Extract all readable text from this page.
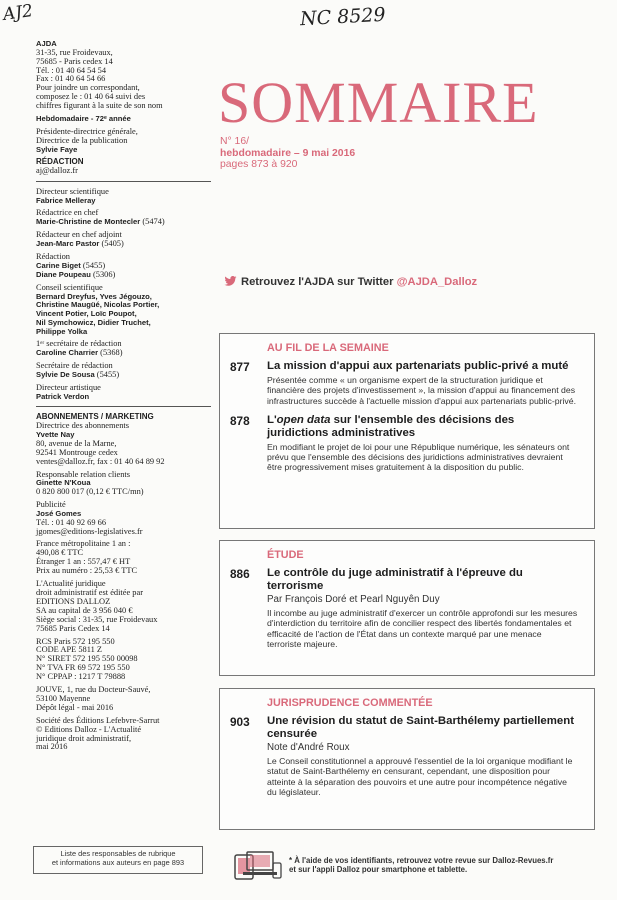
AJ2	NC 8529
AJDA
31-35, rue Froidevaux,
75685 - Paris cedex 14
Tél. : 01 40 64 54 54
Fax : 01 40 64 54 66
Pour joindre un correspondant,
composez le : 01 40 64 suivi des
chiffres figurant à la suite de son nom
Hebdomadaire - 72ᵉ année
Présidente-directrice générale,
Directrice de la publication
Sylvie Faye
RÉDACTION
aj@dalloz.fr
Directeur scientifique
Fabrice Melleray
Rédactrice en chef
Marie-Christine de Montecler (5474)
Rédacteur en chef adjoint
Jean-Marc Pastor (5405)
Rédaction
Carine Biget (5455)
Diane Poupeau (5306)
Conseil scientifique
Bernard Dreyfus, Yves Jégouzo,
Christine Maugüé, Nicolas Portier,
Vincent Potier, Loïc Poupot,
Nil Symchowicz, Didier Truchet,
Philippe Yolka
1ᵉʳ secrétaire de rédaction
Caroline Charrier (5368)
Secrétaire de rédaction
Sylvie De Sousa (5455)
Directeur artistique
Patrick Verdon
ABONNEMENTS / MARKETING
Directrice des abonnements
Yvette Nay
80, avenue de la Marne,
92541 Montrouge cedex
ventes@dalloz.fr, fax : 01 40 64 89 92
Responsable relation clients
Ginette N'Koua
0 820 800 017 (0,12 € TTC/mn)
Publicité
José Gomes
Tél. : 01 40 92 69 66
jgomes@editions-legislatives.fr
France métropolitaine 1 an :
490,08 € TTC
Étranger 1 an : 557,47 € HT
Prix au numéro : 25,53 € TTC
L'Actualité juridique
droit administratif est éditée par
EDITIONS DALLOZ
SA au capital de 3 956 040 €
Siège social : 31-35, rue Froidevaux
75685 Paris Cedex 14
RCS Paris 572 195 550
CODE APE 5811 Z
N° SIRET 572 195 550 00098
N° TVA FR 69 572 195 550
N° CPPAP : 1217 T 79888
JOUVE, 1, rue du Docteur-Sauvé,
53100 Mayenne
Dépôt légal - mai 2016
Société des Éditions Lefebvre-Sarrut
© Editions Dalloz - L'Actualité
juridique droit administratif,
mai 2016
Liste des responsables de rubrique
et informations aux auteurs en page 893
SOMMAIRE
N° 16/
hebdomadaire – 9 mai 2016
pages 873 à 920
Retrouvez l'AJDA sur Twitter @AJDA_Dalloz
AU FIL DE LA SEMAINE
877 La mission d'appui aux partenariats public-privé a muté
Présentée comme « un organisme expert de la structuration juridique et financière des projets d'investissement », la mission d'appui au financement des infrastructures succède à l'actuelle mission d'appui aux partenariats public-privé.
878 L'open data sur l'ensemble des décisions des juridictions administratives
En modifiant le projet de loi pour une République numérique, les sénateurs ont prévu que l'ensemble des décisions des juridictions administratives devraient être progressivement mises gratuitement à la disposition du public.
ÉTUDE
886 Le contrôle du juge administratif à l'épreuve du terrorisme
Par François Doré et Pearl Nguyên Duy
Il incombe au juge administratif d'exercer un contrôle approfondi sur les mesures d'interdiction du territoire afin de concilier respect des libertés fondamentales et efficacité de l'action de l'État dans un contexte marqué par une menace terroriste majeure.
JURISPRUDENCE COMMENTÉE
903 Une révision du statut de Saint-Barthélemy partiellement censurée
Note d'André Roux
Le Conseil constitutionnel a approuvé l'essentiel de la loi organique modifiant le statut de Saint-Barthélemy en censurant, cependant, une disposition pour atteinte à la séparation des pouvoirs et une autre pour incompétence négative du législateur.
* À l'aide de vos identifiants, retrouvez votre revue sur Dalloz-Revues.fr
et sur l'appli Dalloz pour smartphone et tablette.
